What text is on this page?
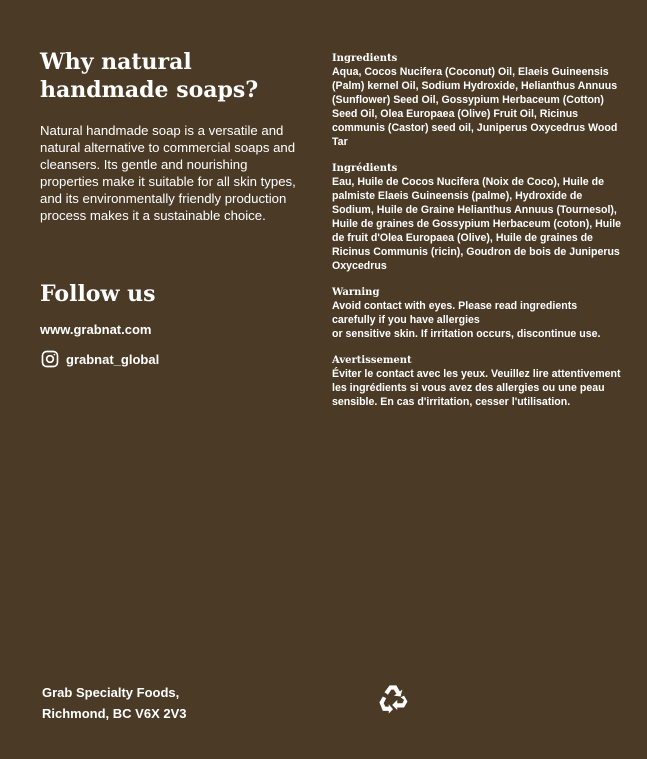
Why natural
handmade soaps?

Natural handmade soap is a versatile and natural alternative to commercial soaps and cleansers. Its gentle and nourishing properties make it suitable for all skin types, and its environmentally friendly production process makes it a sustainable choice.

Follow us
www.grabnat.com
grabnat_global
Ingredients
Aqua, Cocos Nucifera (Coconut) Oil, Elaeis Guineensis (Palm) kernel Oil, Sodium Hydroxide, Helianthus Annuus (Sunflower) Seed Oil, Gossypium Herbaceum (Cotton) Seed Oil, Olea Europaea (Olive) Fruit Oil, Ricinus communis (Castor) seed oil, Juniperus Oxycedrus Wood Tar
Ingrédients
Eau, Huile de Cocos Nucifera (Noix de Coco), Huile de palmiste Elaeis Guineensis (palme), Hydroxide de Sodium, Huile de Graine Helianthus Annuus (Tournesol), Huile de graines de Gossypium Herbaceum (coton), Huile de fruit d'Olea Europaea (Olive), Huile de graines de Ricinus Communis (ricin), Goudron de bois de Juniperus Oxycedrus
Warning
Avoid contact with eyes. Please read ingredients carefully if you have allergies
or sensitive skin. If irritation occurs, discontinue use.
Avertissement
Éviter le contact avec les yeux. Veuillez lire attentivement les ingrédients si vous avez des allergies ou une peau sensible. En cas d'irritation, cesser l'utilisation.
Grab Specialty Foods,
Richmond, BC V6X 2V3
